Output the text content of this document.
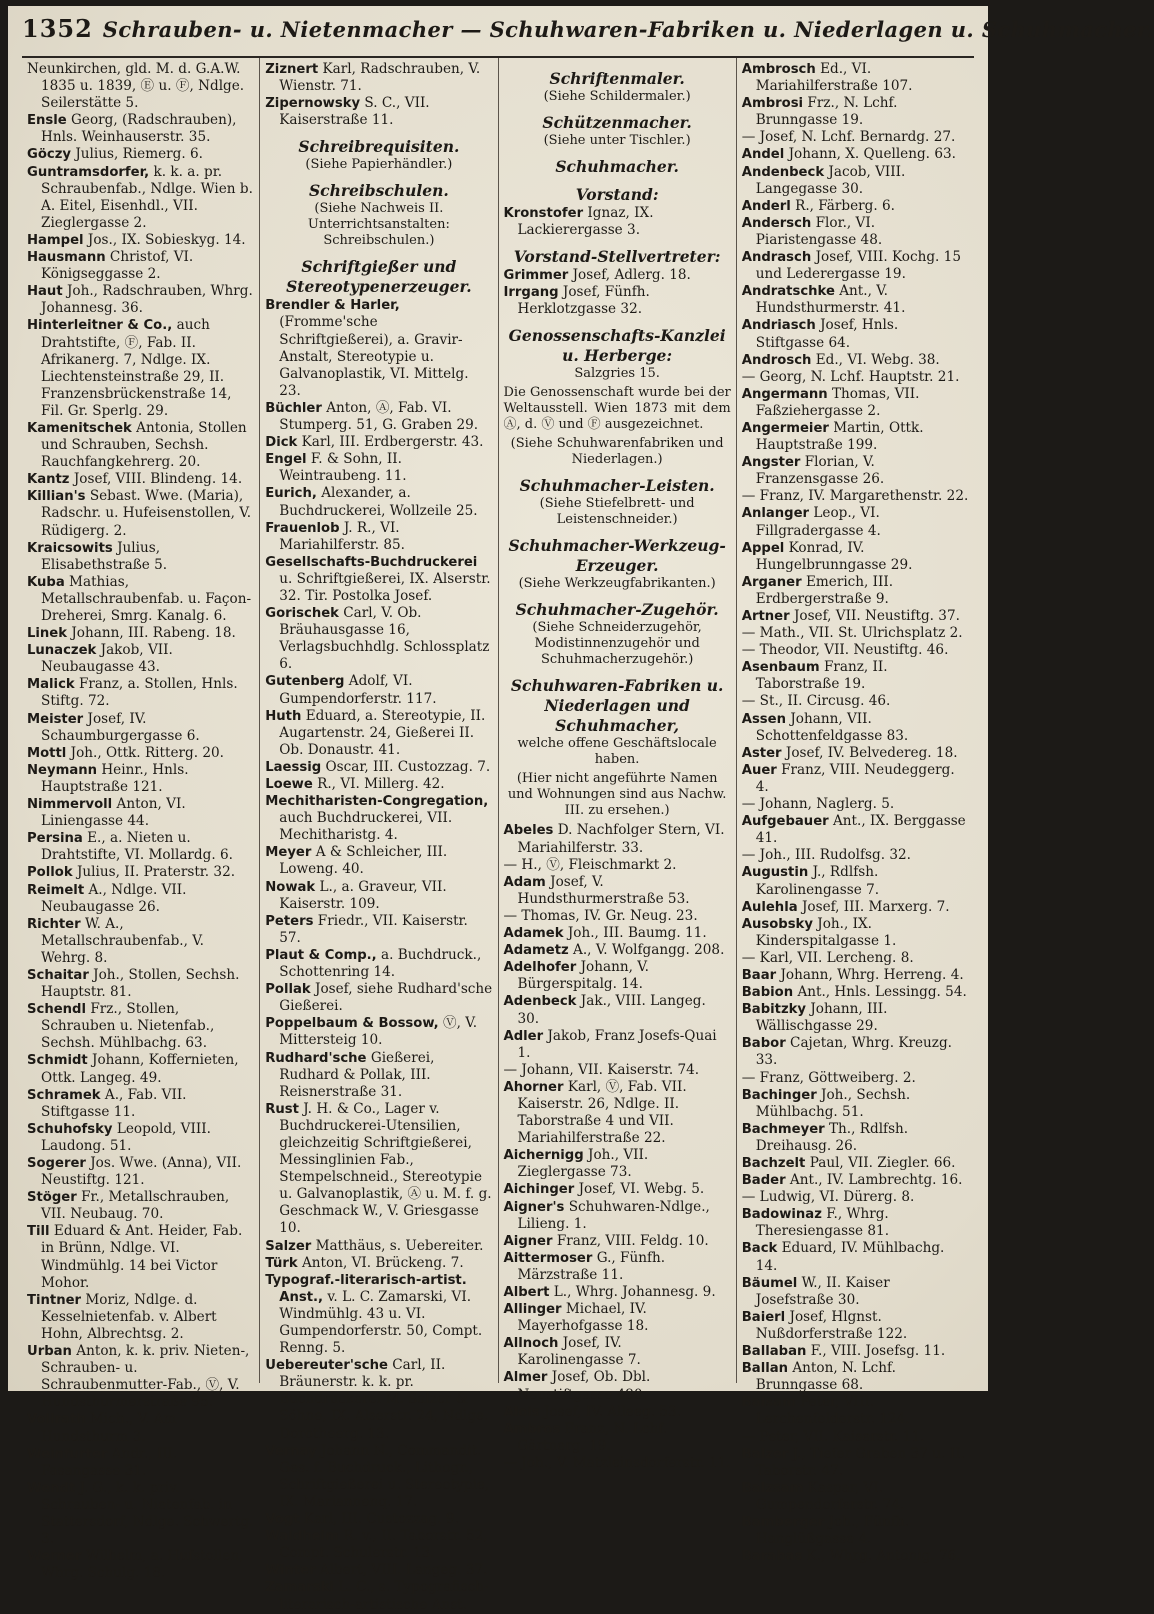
1352 Schrauben- u. Nietenmacher — Schuhwaren-Fabriken u. Niederlagen u. Schuhmacher.

Neunkirchen, gld. M. d. G.A.W. 1835 u. 1839, Ⓔ u. Ⓕ, Ndlge. Seilerstätte 5.

Ensle Georg, (Radschrauben), Hnls. Weinhauserstr. 35.

Göczy Julius, Riemerg. 6.

Guntramsdorfer, k. k. a. pr. Schraubenfab., Ndlge. Wien b. A. Eitel, Eisenhdl., VII. Zieglergasse 2.

Hampel Jos., IX. Sobieskyg. 14.

Hausmann Christof, VI. Königseggasse 2.

Haut Joh., Radschrauben, Whrg. Johannesg. 36.

Hinterleitner & Co., auch Drahtstifte, Ⓕ, Fab. II. Afrikanerg. 7, Ndlge. IX. Liechtensteinstraße 29, II. Franzensbrückenstraße 14, Fil. Gr. Sperlg. 29.

Kamenitschek Antonia, Stollen und Schrauben, Sechsh. Rauchfangkehrerg. 20.

Kantz Josef, VIII. Blindeng. 14.

Killian's Sebast. Wwe. (Maria), Radschr. u. Hufeisenstollen, V. Rüdigerg. 2.

Kraicsowits Julius, Elisabethstraße 5.

Kuba Mathias, Metallschraubenfab. u. Façon-Dreherei, Smrg. Kanalg. 6.

Linek Johann, III. Rabeng. 18.

Lunaczek Jakob, VII. Neubaugasse 43.

Malick Franz, a. Stollen, Hnls. Stiftg. 72.

Meister Josef, IV. Schaumburgergasse 6.

Mottl Joh., Ottk. Ritterg. 20.

Neymann Heinr., Hnls. Hauptstraße 121.

Nimmervoll Anton, VI. Liniengasse 44.

Persina E., a. Nieten u. Drahtstifte, VI. Mollardg. 6.

Pollok Julius, II. Praterstr. 32.

Reimelt A., Ndlge. VII. Neubaugasse 26.

Richter W. A., Metallschraubenfab., V. Wehrg. 8.

Schaitar Joh., Stollen, Sechsh. Hauptstr. 81.

Schendl Frz., Stollen, Schrauben u. Nietenfab., Sechsh. Mühlbachg. 63.

Schmidt Johann, Koffernieten, Ottk. Langeg. 49.

Schramek A., Fab. VII. Stiftgasse 11.

Schuhofsky Leopold, VIII. Laudong. 51.

Sogerer Jos. Wwe. (Anna), VII. Neustiftg. 121.

Stöger Fr., Metallschrauben, VII. Neubaug. 70.

Till Eduard & Ant. Heider, Fab. in Brünn, Ndlge. VI. Windmühlg. 14 bei Victor Mohor.

Tintner Moriz, Ndlge. d. Kesselnietenfab. v. Albert Hohn, Albrechtsg. 2.

Urban Anton, k. k. priv. Nieten-, Schrauben- u. Schraubenmutter-Fab., Ⓥ, V. Hundsthurmerstraße 95.

Vollrath Mich., V. Am Hundsthurm 3.

Weinfurter Andr., III. Fasangasse 31.

Wendt J. G., k. k. priv. Schrauben- u. Nietenfab. in Stattersdorf, Ndlge. Schwertg. 3.

Werner Wilhelm, a. Hufstollen, Whrg. Schulg. 18.

Ziznert Karl, Radschrauben, V. Wienstr. 71.

Zipernowsky S. C., VII. Kaiserstraße 11.

Schreibrequisiten.
(Siehe Papierhändler.)
Schreibschulen.
(Siehe Nachweis II. Unterrichtsanstalten: Schreibschulen.)
Schriftgießer und Stereotypenerzeuger.

Brendler & Harler, (Fromme'sche Schriftgießerei), a. Gravir-Anstalt, Stereotypie u. Galvanoplastik, VI. Mittelg. 23.

Büchler Anton, Ⓐ, Fab. VI. Stumperg. 51, G. Graben 29.

Dick Karl, III. Erdbergerstr. 43.

Engel F. & Sohn, II. Weintraubeng. 11.

Eurich, Alexander, a. Buchdruckerei, Wollzeile 25.

Frauenlob J. R., VI. Mariahilferstr. 85.

Gesellschafts-Buchdruckerei u. Schriftgießerei, IX. Alserstr. 32. Tir. Postolka Josef.

Gorischek Carl, V. Ob. Bräuhausgasse 16, Verlagsbuchhdlg. Schlossplatz 6.

Gutenberg Adolf, VI. Gumpendorferstr. 117.

Huth Eduard, a. Stereotypie, II. Augartenstr. 24, Gießerei II. Ob. Donaustr. 41.

Laessig Oscar, III. Custozzag. 7.

Loewe R., VI. Millerg. 42.

Mechitharisten-Congregation, auch Buchdruckerei, VII. Mechitharistg. 4.

Meyer A & Schleicher, III. Loweng. 40.

Nowak L., a. Graveur, VII. Kaiserstr. 109.

Peters Friedr., VII. Kaiserstr. 57.

Plaut & Comp., a. Buchdruck., Schottenring 14.

Pollak Josef, siehe Rudhard'sche Gießerei.

Poppelbaum & Bossow, Ⓥ, V. Mittersteig 10.

Rudhard'sche Gießerei, Rudhard & Pollak, III. Reisnerstraße 31.

Rust J. H. & Co., Lager v. Buchdruckerei-Utensilien, gleichzeitig Schriftgießerei, Messinglinien Fab., Stempelschneid., Stereotypie u. Galvanoplastik, Ⓐ u. M. f. g. Geschmack W., V. Griesgasse 10.

Salzer Matthäus, s. Uebereiter.

Türk Anton, VI. Brückeng. 7.

Typograf.-literarisch-artist. Anst., v. L. C. Zamarski, VI. Windmühlg. 43 u. VI. Gumpendorferstr. 50, Compt. Renng. 5.

Uebereuter'sche Carl, II. Bräunerstr. k. k. pr. Buchdruckerei M. Salzer & Söhne, IX. Alserstr. 24, Ndlge. Dorotheerg. 13.

Vernay Johann N., Commandit. Ges. f. Buchdruck., Lithogr., Schriftgießerei u. Stereotypie, IX. Mariannenq. 17.

Vogt Karl, III. Custozzag. 9.

Waldheim R. v., II. Taborstr. 52, Compt. Schulerstr. 13.

Winter Albert, VIII. Langeg. 37.

Zamarski L. C., s. Typografisch-literarisch-artistische Anst.

Schriftenmaler.
(Siehe Schildermaler.)
Schützenmacher.
(Siehe unter Tischler.)
Schuhmacher.
Vorstand:

Kronstofer Ignaz, IX. Lackierergasse 3.

Vorstand-Stellvertreter:

Grimmer Josef, Adlerg. 18.

Irrgang Josef, Fünfh. Herklotzgasse 32.

Genossenschafts-Kanzlei u. Herberge:
Salzgries 15.
Die Genossenschaft wurde bei der Weltausstell. Wien 1873 mit dem Ⓐ, d. Ⓥ und Ⓕ ausgezeichnet.
(Siehe Schuhwarenfabriken und Niederlagen.)
Schuhmacher-Leisten.
(Siehe Stiefelbrett- und Leistenschneider.)
Schuhmacher-Werkzeug-Erzeuger.
(Siehe Werkzeugfabrikanten.)
Schuhmacher-Zugehör.
(Siehe Schneiderzugehör, Modistinnenzugehör und Schuhmacherzugehör.)
Schuhwaren-Fabriken u. Niederlagen und Schuhmacher,
welche offene Geschäftslocale haben.
(Hier nicht angeführte Namen und Wohnungen sind aus Nachw. III. zu ersehen.)

Abeles D. Nachfolger Stern, VI. Mariahilferstr. 33.

— H., Ⓥ, Fleischmarkt 2.

Adam Josef, V. Hundsthurmerstraße 53.

— Thomas, IV. Gr. Neug. 23.

Adamek Joh., III. Baumg. 11.

Adametz A., V. Wolfgangg. 208.

Adelhofer Johann, V. Bürgerspitalg. 14.

Adenbeck Jak., VIII. Langeg. 30.

Adler Jakob, Franz Josefs-Quai 1.

— Johann, VII. Kaiserstr. 74.

Ahorner Karl, Ⓥ, Fab. VII. Kaiserstr. 26, Ndlge. II. Taborstraße 4 und VII. Mariahilferstraße 22.

Aichernigg Joh., VII. Zieglergasse 73.

Aichinger Josef, VI. Webg. 5.

Aigner's Schuhwaren-Ndlge., Lilieng. 1.

Aigner Franz, VIII. Feldg. 10.

Aittermoser G., Fünfh. Märzstraße 11.

Albert L., Whrg. Johannesg. 9.

Allinger Michael, IV. Mayerhofgasse 18.

Allnoch Josef, IV. Karolinengasse 7.

Almer Josef, Ob. Dbl. Neustiftgasse 490.

Alois Josef, IV. Alleeg. 53.

Ambros Franz, N. Lchf. Gärtnerg. 19.

— Joh., V. Matzleinsdorferstr. 11.

Ambrosch Ed., VI. Mariahilferstraße 107.

Ambrosi Frz., N. Lchf. Brunngasse 19.

— Josef, N. Lchf. Bernardg. 27.

Andel Johann, X. Quelleng. 63.

Andenbeck Jacob, VIII. Langegasse 30.

Anderl R., Färberg. 6.

Andersch Flor., VI. Piaristengasse 48.

Andrasch Josef, VIII. Kochg. 15 und Lederergasse 19.

Andratschke Ant., V. Hundsthurmerstr. 41.

Andriasch Josef, Hnls. Stiftgasse 64.

Androsch Ed., VI. Webg. 38.

— Georg, N. Lchf. Hauptstr. 21.

Angermann Thomas, VII. Faßziehergasse 2.

Angermeier Martin, Ottk. Hauptstraße 199.

Angster Florian, V. Franzensgasse 26.

— Franz, IV. Margarethenstr. 22.

Anlanger Leop., VI. Fillgradergasse 4.

Appel Konrad, IV. Hungelbrunngasse 29.

Arganer Emerich, III. Erdbergerstraße 9.

Artner Josef, VII. Neustiftg. 37.

— Math., VII. St. Ulrichsplatz 2.

— Theodor, VII. Neustiftg. 46.

Asenbaum Franz, II. Taborstraße 19.

— St., II. Circusg. 46.

Assen Johann, VII. Schottenfeldgasse 83.

Aster Josef, IV. Belvedereg. 18.

Auer Franz, VIII. Neudeggerg. 4.

— Johann, Naglerg. 5.

Aufgebauer Ant., IX. Berggasse 41.

— Joh., III. Rudolfsg. 32.

Augustin J., Rdlfsh. Karolinengasse 7.

Aulehla Josef, III. Marxerg. 7.

Ausobsky Joh., IX. Kinderspitalgasse 1.

— Karl, VII. Lercheng. 8.

Baar Johann, Whrg. Herreng. 4.

Babion Ant., Hnls. Lessingg. 54.

Babitzky Johann, III. Wällischgasse 29.

Babor Cajetan, Whrg. Kreuzg. 33.

— Franz, Göttweiberg. 2.

Bachinger Joh., Sechsh. Mühlbachg. 51.

Bachmeyer Th., Rdlfsh. Dreihausg. 26.

Bachzelt Paul, VII. Ziegler. 66.

Bader Ant., IV. Lambrechtg. 16.

— Ludwig, VI. Dürerg. 8.

Badowinaz F., Whrg. Theresiengasse 81.

Back Eduard, IV. Mühlbachg. 14.

Bäumel W., II. Kaiser Josefstraße 30.

Baierl Josef, Hlgnst. Nußdorferstraße 122.

Ballaban F., VIII. Josefsg. 11.

Ballan Anton, N. Lchf. Brunngasse 68.

Balsam Peter, VIII. Lerchenfelderstr. 124.

— Peter, VII. Kaiserstr. 11.

Balzer J., Tiefer Graben 37 u. II. Taborstr. 47.

Balzsam Kaspar, VI. Gumpendorferstr. 74.

Bamberger Joh., Fünfh. Hanglüßgasse 4.

Barabas K., Whrg. Antonig. 76.
